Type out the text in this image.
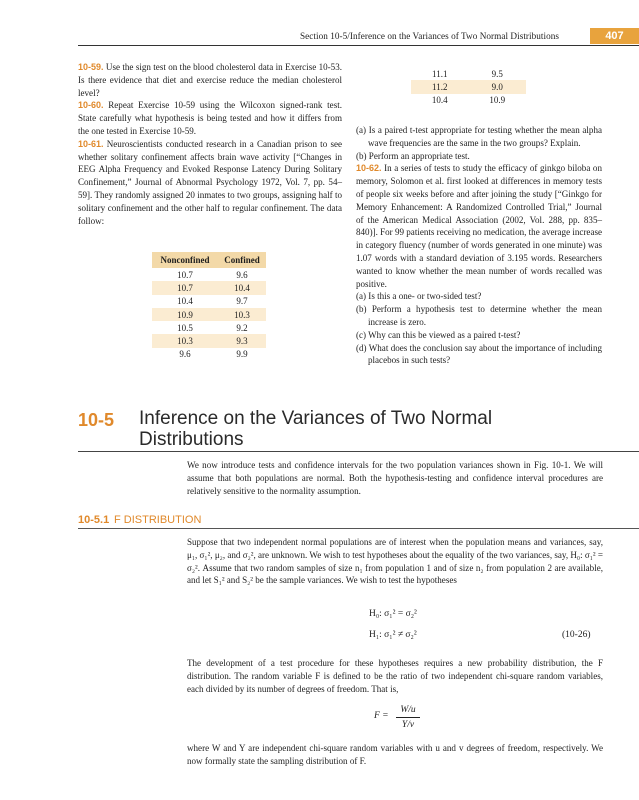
Section 10-5/Inference on the Variances of Two Normal Distributions	407

10-59. Use the sign test on the blood cholesterol data in Exercise 10-53. Is there evidence that diet and exercise reduce the median cholesterol level?

10-60. Repeat Exercise 10-59 using the Wilcoxon signed-rank test. State carefully what hypothesis is being tested and how it differs from the one tested in Exercise 10-59.

10-61. Neuroscientists conducted research in a Canadian prison to see whether solitary confinement affects brain wave activity [“Changes in EEG Alpha Frequency and Evoked Response Latency During Solitary Confinement,” Journal of Abnormal Psychology 1972, Vol. 7, pp. 54–59]. They randomly assigned 20 inmates to two groups, assigning half to solitary confinement and the other half to regular confinement. The data follow:

Nonconfined	Confined
10.7	9.6
10.7	10.4
10.4	9.7
10.9	10.3
10.5	9.2
10.3	9.3
9.6	9.9
11.1	9.5
11.2	9.0
10.4	10.9

(a) Is a paired t-test appropriate for testing whether the mean alpha wave frequencies are the same in the two groups? Explain.

(b) Perform an appropriate test.

10-62. In a series of tests to study the efficacy of ginkgo biloba on memory, Solomon et al. first looked at differences in memory tests of people six weeks before and after joining the study [“Ginkgo for Memory Enhancement: A Randomized Controlled Trial,” Journal of the American Medical Association (2002, Vol. 288, pp. 835–840)]. For 99 patients receiving no medication, the average increase in category fluency (number of words generated in one minute) was 1.07 words with a standard deviation of 3.195 words. Researchers wanted to know whether the mean number of words recalled was positive.

(a) Is this a one- or two-sided test?

(b) Perform a hypothesis test to determine whether the mean increase is zero.

(c) Why can this be viewed as a paired t-test?

(d) What does the conclusion say about the importance of including placebos in such tests?

10-5 Inference on the Variances of Two Normal Distributions
We now introduce tests and confidence intervals for the two population variances shown in Fig. 10-1. We will assume that both populations are normal. Both the hypothesis-testing and confidence interval procedures are relatively sensitive to the normality assumption.
10-5.1 F DISTRIBUTION
Suppose that two independent normal populations are of interest when the population means and variances, say, μ₁, σ₁², μ₂, and σ₂², are unknown. We wish to test hypotheses about the equality of the two variances, say, H₀: σ₁² = σ₂². Assume that two random samples of size n₁ from population 1 and of size n₂ from population 2 are available, and let S₁² and S₂² be the sample variances. We wish to test the hypotheses
H₀: σ₁² = σ₂²
H₁: σ₁² ≠ σ₂²	(10-26)
The development of a test procedure for these hypotheses requires a new probability distribution, the F distribution. The random variable F is defined to be the ratio of two independent chi-square random variables, each divided by its number of degrees of freedom. That is,
F =
W/u
Y/v
where W and Y are independent chi-square random variables with u and v degrees of freedom, respectively. We now formally state the sampling distribution of F.
